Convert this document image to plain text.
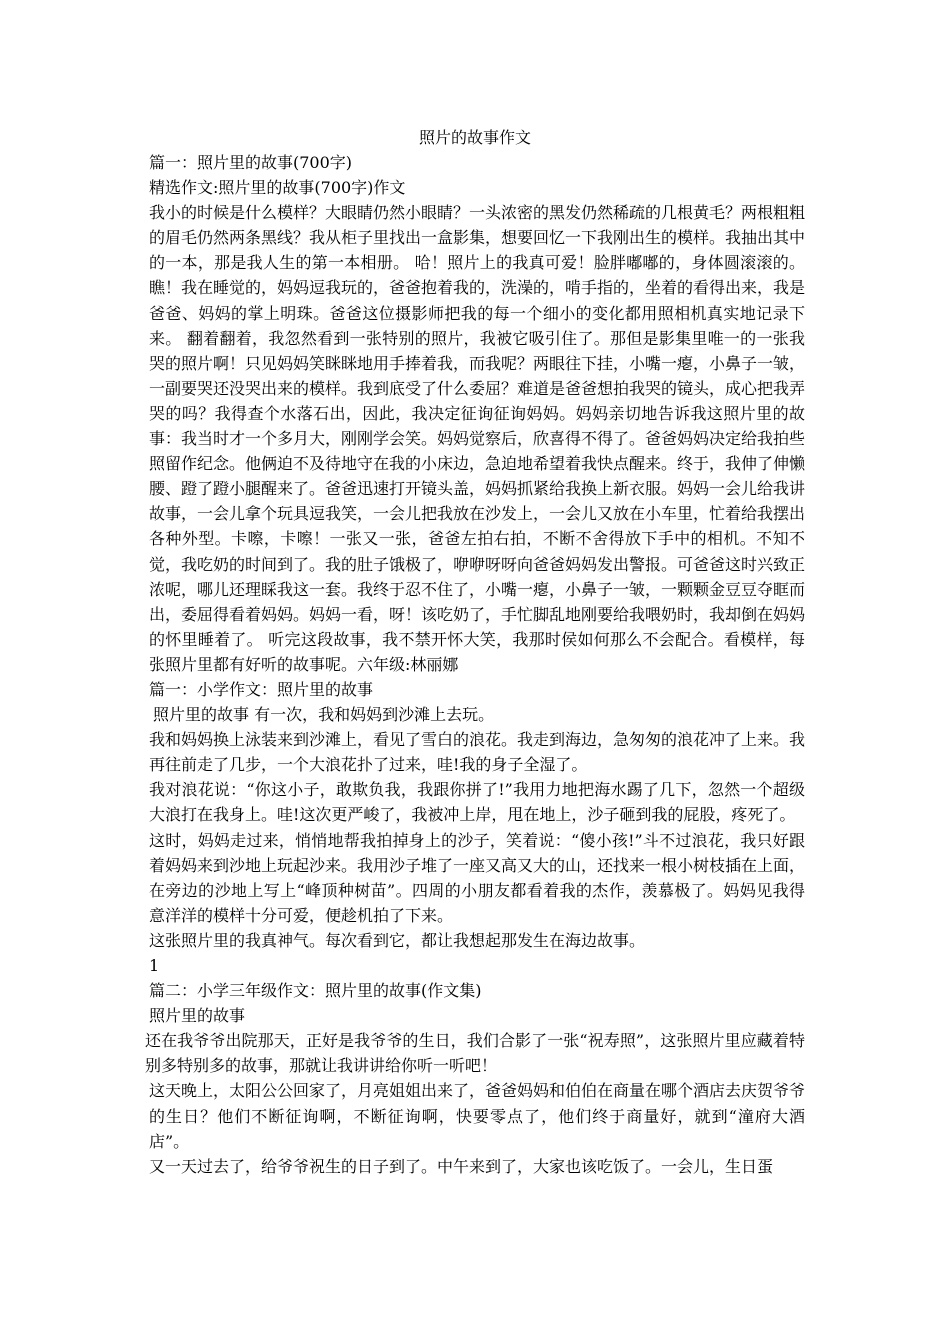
照片的故事作文

篇一：照片里的故事(700字)

精选作文:照片里的故事(700字)作文

我小的时候是什么模样？大眼睛仍然小眼睛？一头浓密的黑发仍然稀疏的几根黄毛？两根粗粗的眉毛仍然两条黑线？我从柜子里找出一盒影集，想要回忆一下我刚出生的模样。我抽出其中的一本，那是我人生的第一本相册。 哈！照片上的我真可爱！脸胖嘟嘟的，身体圆滚滚的。瞧！我在睡觉的，妈妈逗我玩的，爸爸抱着我的，洗澡的，啃手指的，坐着的看得出来，我是爸爸、妈妈的掌上明珠。爸爸这位摄影师把我的每一个细小的变化都用照相机真实地记录下来。 翻着翻着，我忽然看到一张特别的照片，我被它吸引住了。那但是影集里唯一的一张我哭的照片啊！只见妈妈笑眯眯地用手捧着我，而我呢？两眼往下挂，小嘴一瘪，小鼻子一皱，一副要哭还没哭出来的模样。我到底受了什么委屈？难道是爸爸想拍我哭的镜头，成心把我弄哭的吗？我得查个水落石出，因此，我决定征询征询妈妈。妈妈亲切地告诉我这照片里的故事：我当时才一个多月大，刚刚学会笑。妈妈觉察后，欣喜得不得了。爸爸妈妈决定给我拍些照留作纪念。他俩迫不及待地守在我的小床边，急迫地希望着我快点醒来。终于，我伸了伸懒腰、蹬了蹬小腿醒来了。爸爸迅速打开镜头盖，妈妈抓紧给我换上新衣服。妈妈一会儿给我讲故事，一会儿拿个玩具逗我笑，一会儿把我放在沙发上，一会儿又放在小车里，忙着给我摆出各种外型。卡嚓，卡嚓！一张又一张，爸爸左拍右拍，不断不舍得放下手中的相机。不知不觉，我吃奶的时间到了。我的肚子饿极了，咿咿呀呀向爸爸妈妈发出警报。可爸爸这时兴致正浓呢，哪儿还理睬我这一套。我终于忍不住了，小嘴一瘪，小鼻子一皱，一颗颗金豆豆夺眶而出，委屈得看着妈妈。妈妈一看，呀！该吃奶了，手忙脚乱地刚要给我喂奶时，我却倒在妈妈的怀里睡着了。 听完这段故事，我不禁开怀大笑，我那时侯如何那么不会配合。看模样，每张照片里都有好听的故事呢。六年级:林丽娜

篇一：小学作文：照片里的故事

照片里的故事 有一次，我和妈妈到沙滩上去玩。

我和妈妈换上泳装来到沙滩上，看见了雪白的浪花。我走到海边，急匆匆的浪花冲了上来。我再往前走了几步，一个大浪花扑了过来，哇!我的身子全湿了。

我对浪花说：“你这小子，敢欺负我，我跟你拼了!”我用力地把海水踢了几下，忽然一个超级大浪打在我身上。哇!这次更严峻了，我被冲上岸，甩在地上，沙子砸到我的屁股，疼死了。

这时，妈妈走过来，悄悄地帮我拍掉身上的沙子，笑着说：“傻小孩!”斗不过浪花，我只好跟着妈妈来到沙地上玩起沙来。我用沙子堆了一座又高又大的山，还找来一根小树枝插在上面，在旁边的沙地上写上“峰顶种树苗”。四周的小朋友都看着我的杰作，羡慕极了。妈妈见我得意洋洋的模样十分可爱，便趁机拍了下来。

这张照片里的我真神气。每次看到它，都让我想起那发生在海边故事。

1

篇二：小学三年级作文：照片里的故事(作文集)

照片里的故事

还在我爷爷出院那天，正好是我爷爷的生日，我们合影了一张“祝寿照”，这张照片里应藏着特别多特别多的故事，那就让我讲讲给你听一听吧！

这天晚上，太阳公公回家了，月亮姐姐出来了，爸爸妈妈和伯伯在商量在哪个酒店去庆贺爷爷的生日？他们不断征询啊，不断征询啊，快要零点了，他们终于商量好，就到“潼府大酒店”。

又一天过去了，给爷爷祝生的日子到了。中午来到了，大家也该吃饭了。一会儿，生日蛋
